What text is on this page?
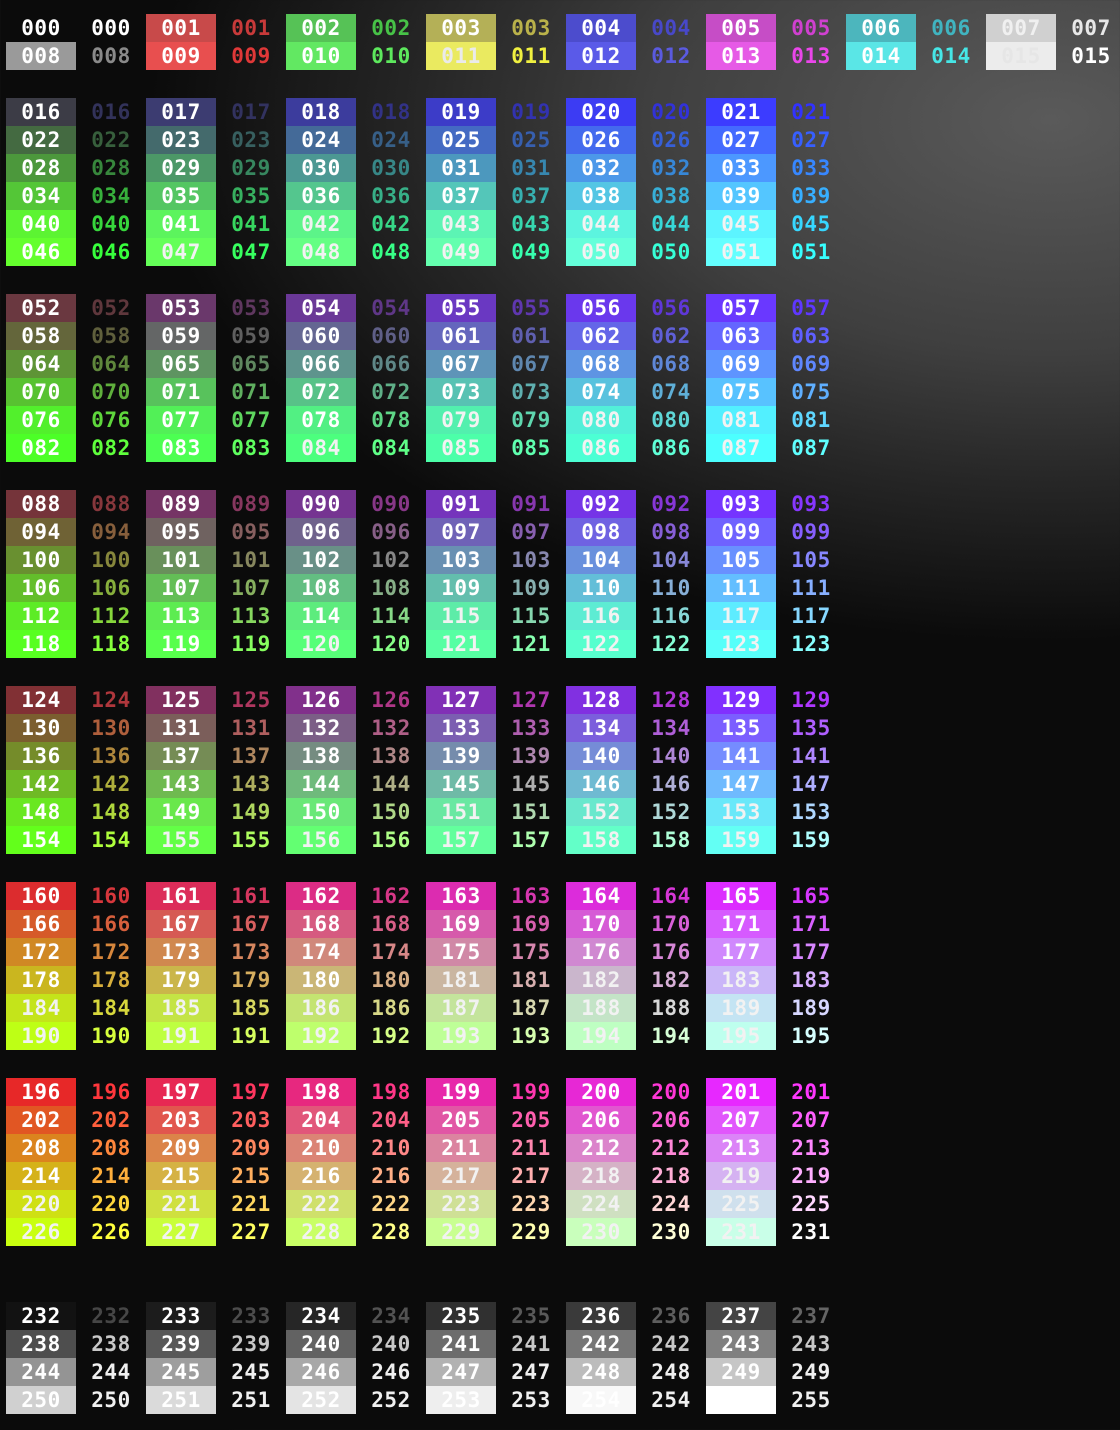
000	000	001	001	002	002	003	003	004	004	005	005	006	006	007	007
008	008	009	009	010	010	011	011	012	012	013	013	014	014	015	015
016	016	017	017	018	018	019	019	020	020	021	021
022	022	023	023	024	024	025	025	026	026	027	027
028	028	029	029	030	030	031	031	032	032	033	033
034	034	035	035	036	036	037	037	038	038	039	039
040	040	041	041	042	042	043	043	044	044	045	045
046	046	047	047	048	048	049	049	050	050	051	051
052	052	053	053	054	054	055	055	056	056	057	057
058	058	059	059	060	060	061	061	062	062	063	063
064	064	065	065	066	066	067	067	068	068	069	069
070	070	071	071	072	072	073	073	074	074	075	075
076	076	077	077	078	078	079	079	080	080	081	081
082	082	083	083	084	084	085	085	086	086	087	087
088	088	089	089	090	090	091	091	092	092	093	093
094	094	095	095	096	096	097	097	098	098	099	099
100	100	101	101	102	102	103	103	104	104	105	105
106	106	107	107	108	108	109	109	110	110	111	111
112	112	113	113	114	114	115	115	116	116	117	117
118	118	119	119	120	120	121	121	122	122	123	123
124	124	125	125	126	126	127	127	128	128	129	129
130	130	131	131	132	132	133	133	134	134	135	135
136	136	137	137	138	138	139	139	140	140	141	141
142	142	143	143	144	144	145	145	146	146	147	147
148	148	149	149	150	150	151	151	152	152	153	153
154	154	155	155	156	156	157	157	158	158	159	159
160	160	161	161	162	162	163	163	164	164	165	165
166	166	167	167	168	168	169	169	170	170	171	171
172	172	173	173	174	174	175	175	176	176	177	177
178	178	179	179	180	180	181	181	182	182	183	183
184	184	185	185	186	186	187	187	188	188	189	189
190	190	191	191	192	192	193	193	194	194	195	195
196	196	197	197	198	198	199	199	200	200	201	201
202	202	203	203	204	204	205	205	206	206	207	207
208	208	209	209	210	210	211	211	212	212	213	213
214	214	215	215	216	216	217	217	218	218	219	219
220	220	221	221	222	222	223	223	224	224	225	225
226	226	227	227	228	228	229	229	230	230	231	231
232	232	233	233	234	234	235	235	236	236	237	237
238	238	239	239	240	240	241	241	242	242	243	243
244	244	245	245	246	246	247	247	248	248	249	249
250	250	251	251	252	252	253	253	254	254	255	255
